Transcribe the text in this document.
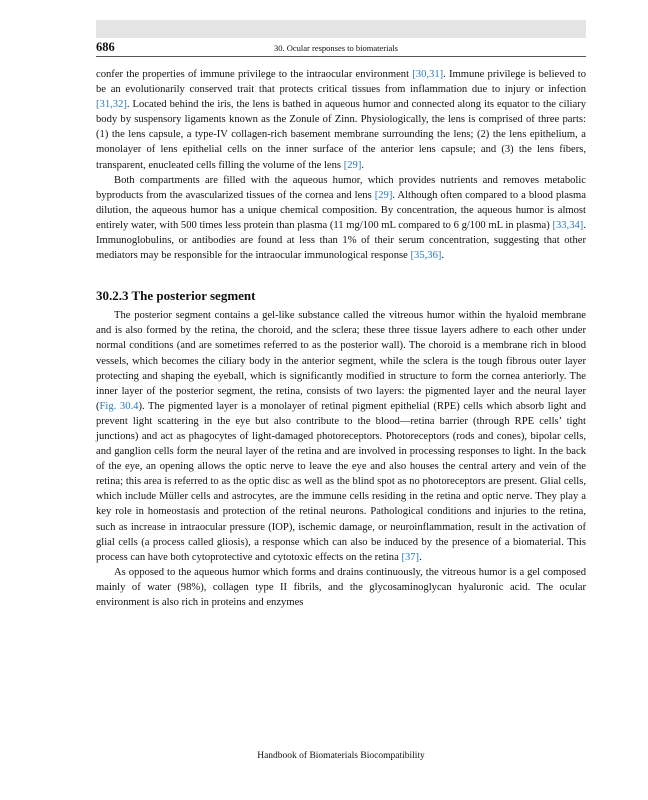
686	30. Ocular responses to biomaterials

confer the properties of immune privilege to the intraocular environment [30,31]. Immune privilege is believed to be an evolutionarily conserved trait that protects critical tissues from inflammation due to injury or infection [31,32]. Located behind the iris, the lens is bathed in aqueous humor and connected along its equator to the ciliary body by suspensory ligaments known as the Zonule of Zinn. Physiologically, the lens is comprised of three parts: (1) the lens capsule, a type-IV collagen-rich basement membrane surrounding the lens; (2) the lens epithelium, a monolayer of lens epithelial cells on the inner surface of the anterior lens capsule; and (3) the lens fibers, transparent, enucleated cells filling the volume of the lens [29].

Both compartments are filled with the aqueous humor, which provides nutrients and removes metabolic byproducts from the avascularized tissues of the cornea and lens [29]. Although often compared to a blood plasma dilution, the aqueous humor has a unique chemical composition. By concentration, the aqueous humor is almost entirely water, with 500 times less protein than plasma (11 mg/100 mL compared to 6 g/100 mL in plasma) [33,34]. Immunoglobulins, or antibodies are found at less than 1% of their serum concentration, suggesting that other mediators may be responsible for the intraocular immunological response [35,36].

30.2.3 The posterior segment

The posterior segment contains a gel-like substance called the vitreous humor within the hyaloid membrane and is also formed by the retina, the choroid, and the sclera; these three tissue layers adhere to each other under normal conditions (and are sometimes referred to as the posterior wall). The choroid is a membrane rich in blood vessels, which becomes the ciliary body in the anterior segment, while the sclera is the tough fibrous outer layer protecting and shaping the eyeball, which is significantly modified in structure to form the cornea anteriorly. The inner layer of the posterior segment, the retina, consists of two layers: the pigmented layer and the neural layer (Fig. 30.4). The pigmented layer is a monolayer of retinal pigment epithelial (RPE) cells which absorb light and prevent light scattering in the eye but also contribute to the blood—retina barrier (through RPE cells’ tight junctions) and act as phagocytes of light-damaged photoreceptors. Photoreceptors (rods and cones), bipolar cells, and ganglion cells form the neural layer of the retina and are involved in processing responses to light. In the back of the eye, an opening allows the optic nerve to leave the eye and also houses the central artery and vein of the retina; this area is referred to as the optic disc as well as the blind spot as no photoreceptors are present. Glial cells, which include Müller cells and astrocytes, are the immune cells residing in the retina and optic nerve. They play a key role in homeostasis and protection of the retinal neurons. Pathological conditions and injuries to the retina, such as increase in intraocular pressure (IOP), ischemic damage, or neuroinflammation, result in the activation of glial cells (a process called gliosis), a response which can also be induced by the presence of a biomaterial. This process can have both cytoprotective and cytotoxic effects on the retina [37].

As opposed to the aqueous humor which forms and drains continuously, the vitreous humor is a gel composed mainly of water (98%), collagen type II fibrils, and the glycosaminoglycan hyaluronic acid. The ocular environment is also rich in proteins and enzymes

Handbook of Biomaterials Biocompatibility
